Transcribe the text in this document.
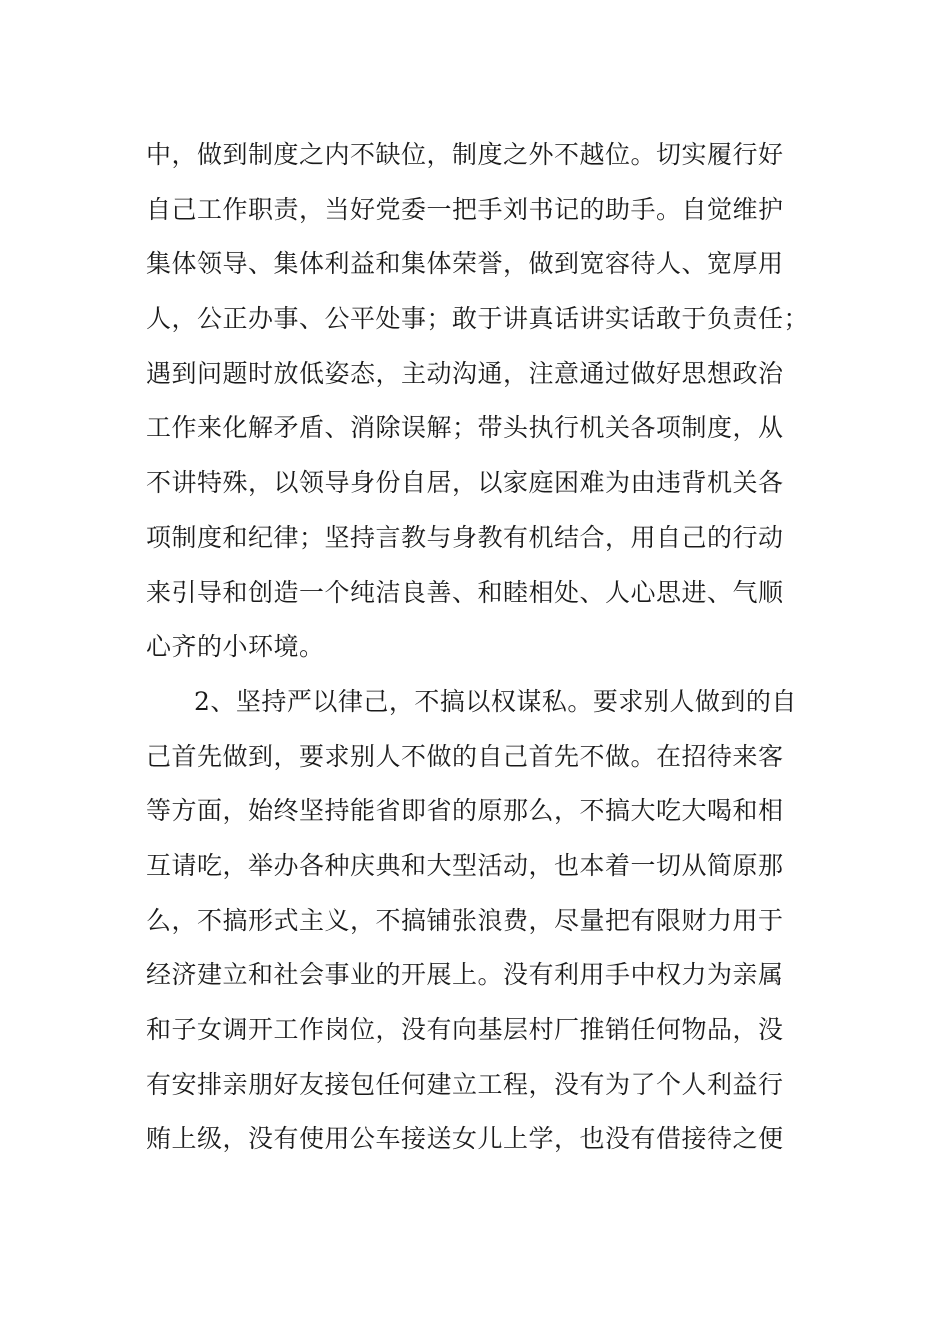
中，做到制度之内不缺位，制度之外不越位。切实履行好
自己工作职责，当好党委一把手刘书记的助手。自觉维护
集体领导、集体利益和集体荣誉，做到宽容待人、宽厚用
人，公正办事、公平处事；敢于讲真话讲实话敢于负责任；
遇到问题时放低姿态，主动沟通，注意通过做好思想政治
工作来化解矛盾、消除误解；带头执行机关各项制度，从
不讲特殊，以领导身份自居，以家庭困难为由违背机关各
项制度和纪律；坚持言教与身教有机结合，用自己的行动
来引导和创造一个纯洁良善、和睦相处、人心思进、气顺
心齐的小环境。
2、坚持严以律己，不搞以权谋私。要求别人做到的自
己首先做到，要求别人不做的自己首先不做。在招待来客
等方面，始终坚持能省即省的原那么，不搞大吃大喝和相
互请吃，举办各种庆典和大型活动，也本着一切从简原那
么，不搞形式主义，不搞铺张浪费，尽量把有限财力用于
经济建立和社会事业的开展上。没有利用手中权力为亲属
和子女调开工作岗位，没有向基层村厂推销任何物品，没
有安排亲朋好友接包任何建立工程，没有为了个人利益行
贿上级，没有使用公车接送女儿上学，也没有借接待之便
